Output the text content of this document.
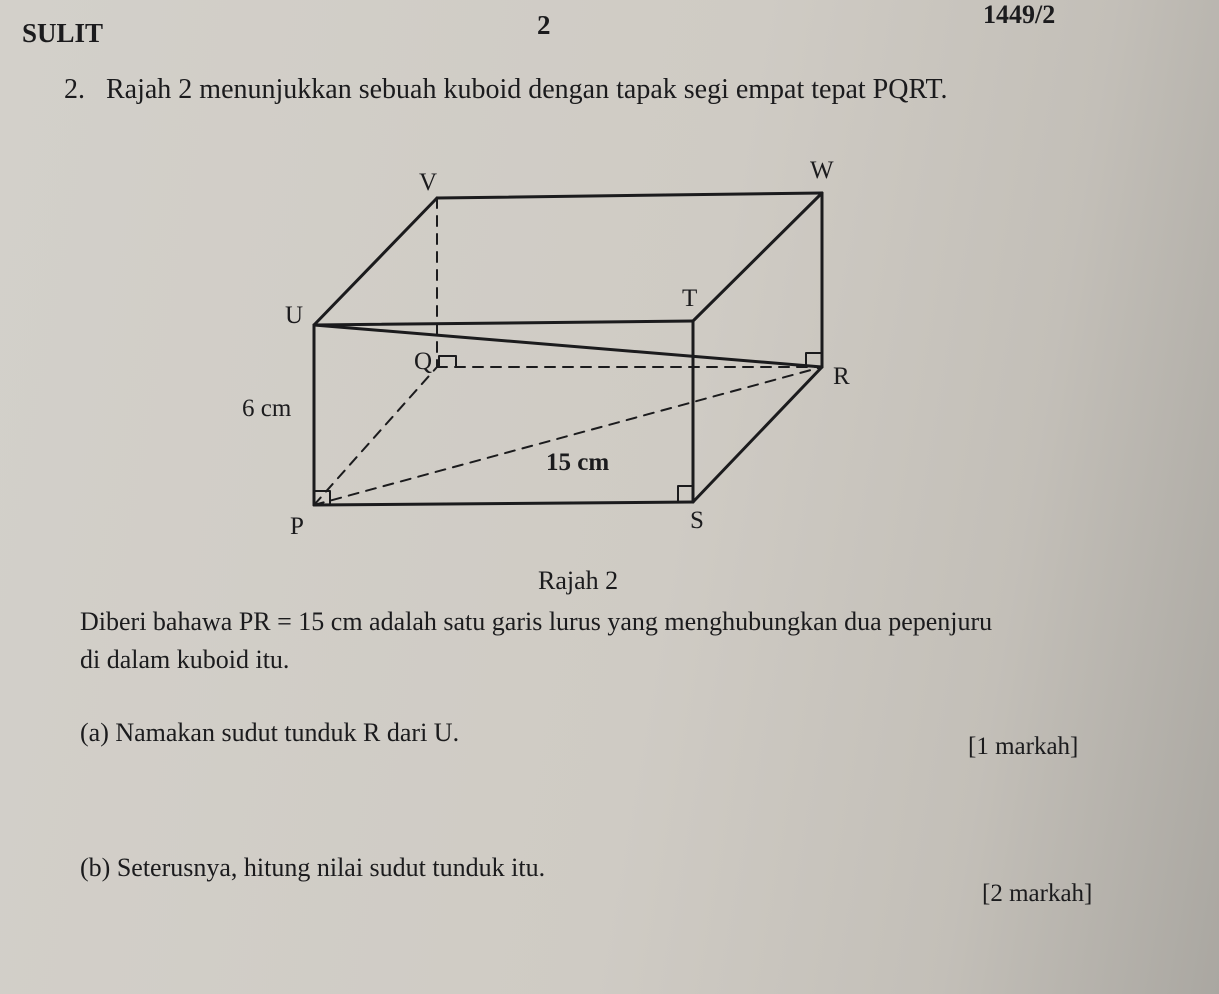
SULIT	2	1449/2
2. Rajah 2 menunjukkan sebuah kuboid dengan tapak segi empat tepat PQRT.
V	W
U
T
Q
R
P	S
6 cm
15 cm
Rajah 2
Diberi bahawa PR = 15 cm adalah satu garis lurus yang menghubungkan dua pepenjuru
di dalam kuboid itu.
(a) Namakan sudut tunduk R dari U.	[1 markah]
(b) Seterusnya, hitung nilai sudut tunduk itu.
[2 markah]
